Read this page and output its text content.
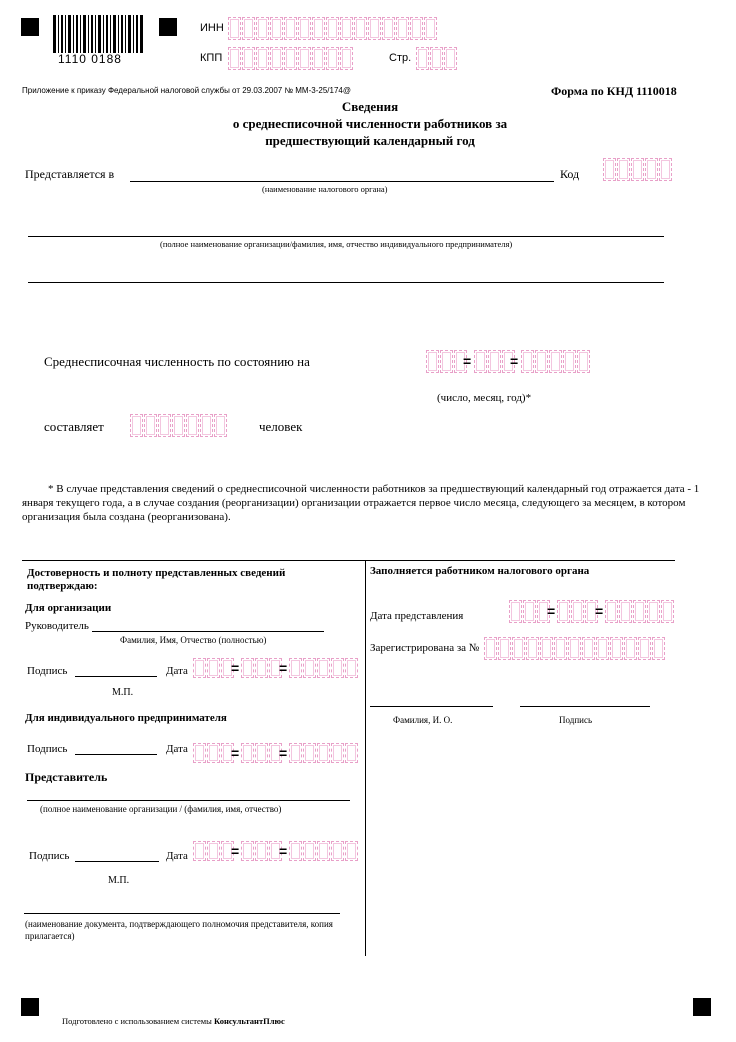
1110 0188
ИНН
КПП	Стр.
Приложение к приказу Федеральной налоговой службы от 29.03.2007 № ММ-3-25/174@	Форма по КНД 1110018
Сведения
о среднесписочной численности работников за
предшествующий календарный год
Представляется в
(наименование налогового органа)
Код
(полное наименование организации/фамилия, имя, отчество индивидуального предпринимателя)
Среднесписочная численность по состоянию на	=	=
(число, месяц, год)*
составляет	человек
* В случае представления сведений о среднесписочной численности работников за предшествующий календарный год отражается дата - 1 января текущего года, а в случае создания (реорганизации) организации отражается первое число месяца, следующего за месяцем, в котором организация была создана (реорганизована).
Достоверность и полноту представленных сведений подтверждаю:
Для организации
Руководитель
Фамилия, Имя, Отчество (полностью)
Подпись	Дата	=	=
М.П.
Для индивидуального предпринимателя
Подпись	Дата	=	=
Представитель
(полное наименование организации / (фамилия, имя, отчество)
Подпись	Дата	=	=
М.П.
(наименование документа, подтверждающего полномочия представителя, копия прилагается)
Заполняется работником налогового органа
Дата представления	=	=
Зарегистрирована за №
Фамилия, И. О.	Подпись
Подготовлено с использованием системы КонсультантПлюс
